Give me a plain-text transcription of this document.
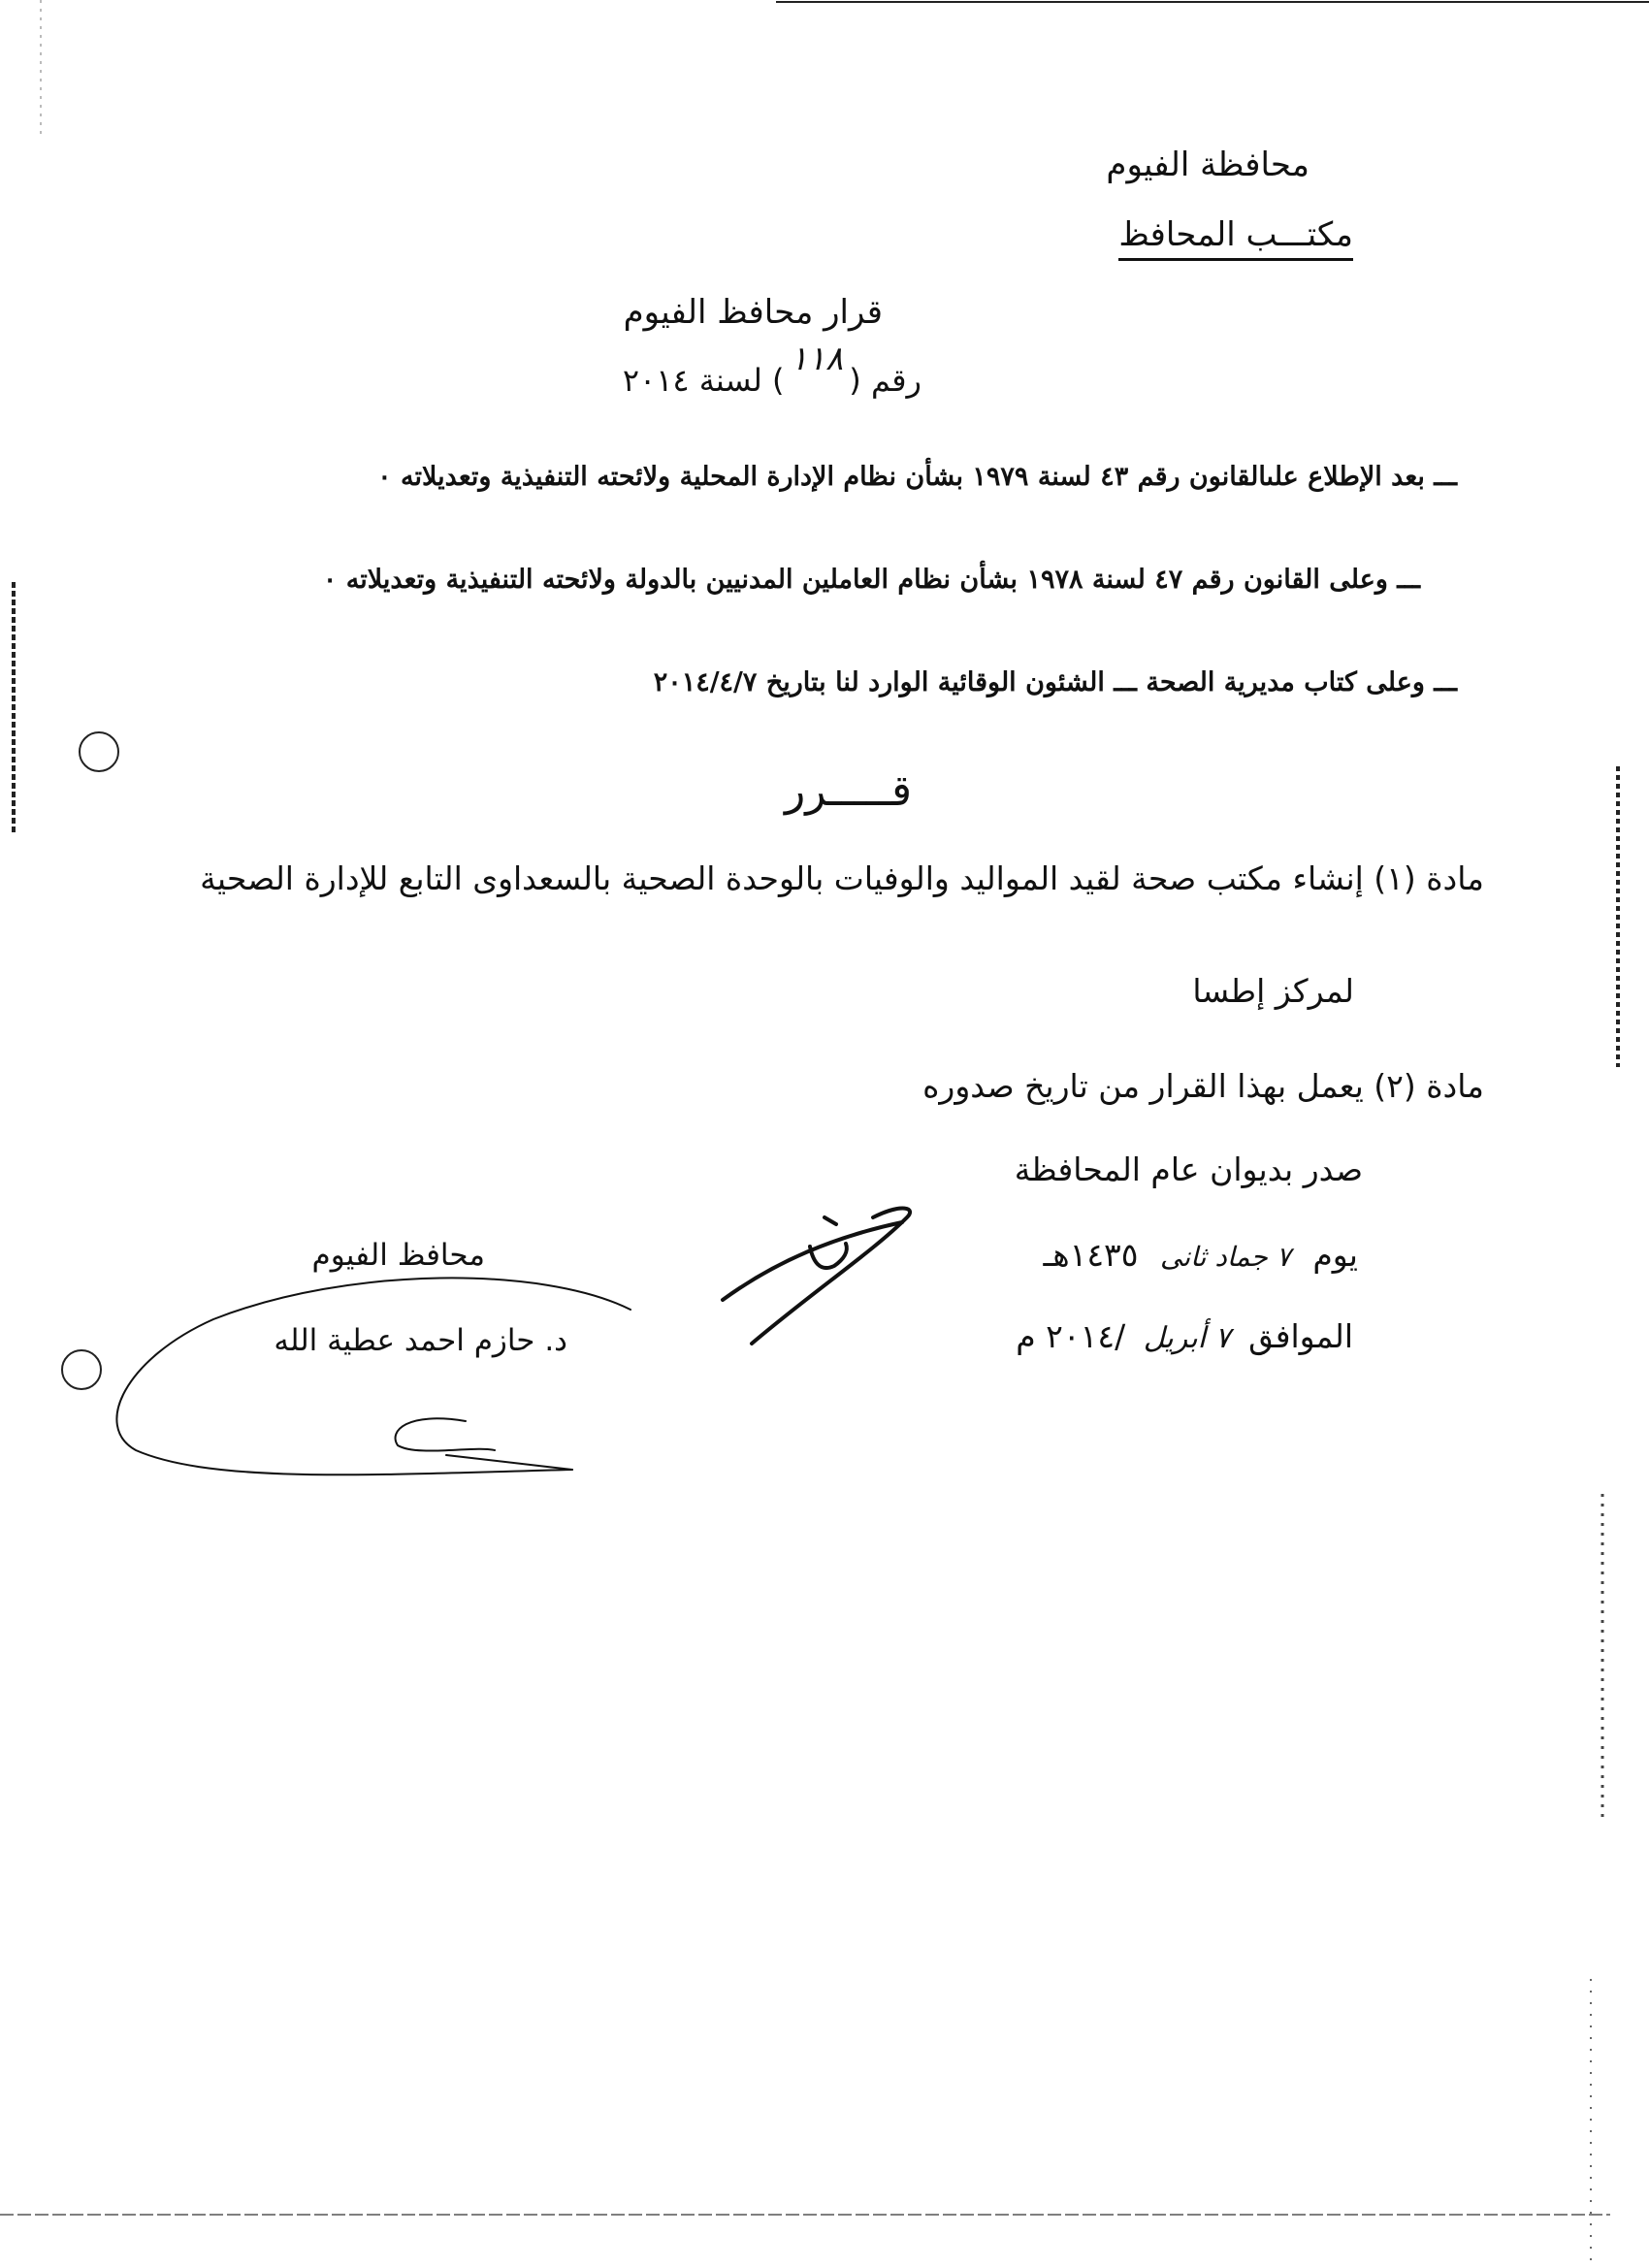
محافظة الفيوم
مكتـــب المحافظ
قرار محافظ الفيوم
رقم (١١٨) لسنة ٢٠١٤
ـــ بعد الإطلاع علىالقانون رقم ٤٣ لسنة ١٩٧٩ بشأن نظام الإدارة المحلية ولائحته التنفيذية وتعديلاته ٠
ـــ وعلى القانون رقم ٤٧ لسنة ١٩٧٨ بشأن نظام العاملين المدنيين بالدولة ولائحته التنفيذية وتعديلاته ٠
ـــ وعلى كتاب مديرية الصحة ـــ الشئون الوقائية الوارد لنا بتاريخ ٢٠١٤/٤/٧
قـــــرر
مادة (١) إنشاء مكتب صحة لقيد المواليد والوفيات بالوحدة الصحية بالسعداوى التابع للإدارة الصحية
لمركز إطسا
مادة (٢) يعمل بهذا القرار من تاريخ صدوره
صدر بديوان عام المحافظة
يوم ٧ جماد ثانى ١٤٣٥هـ
الموافق ٧ أبريل /٢٠١٤ م
محافظ الفيوم
د. حازم احمد عطية الله
